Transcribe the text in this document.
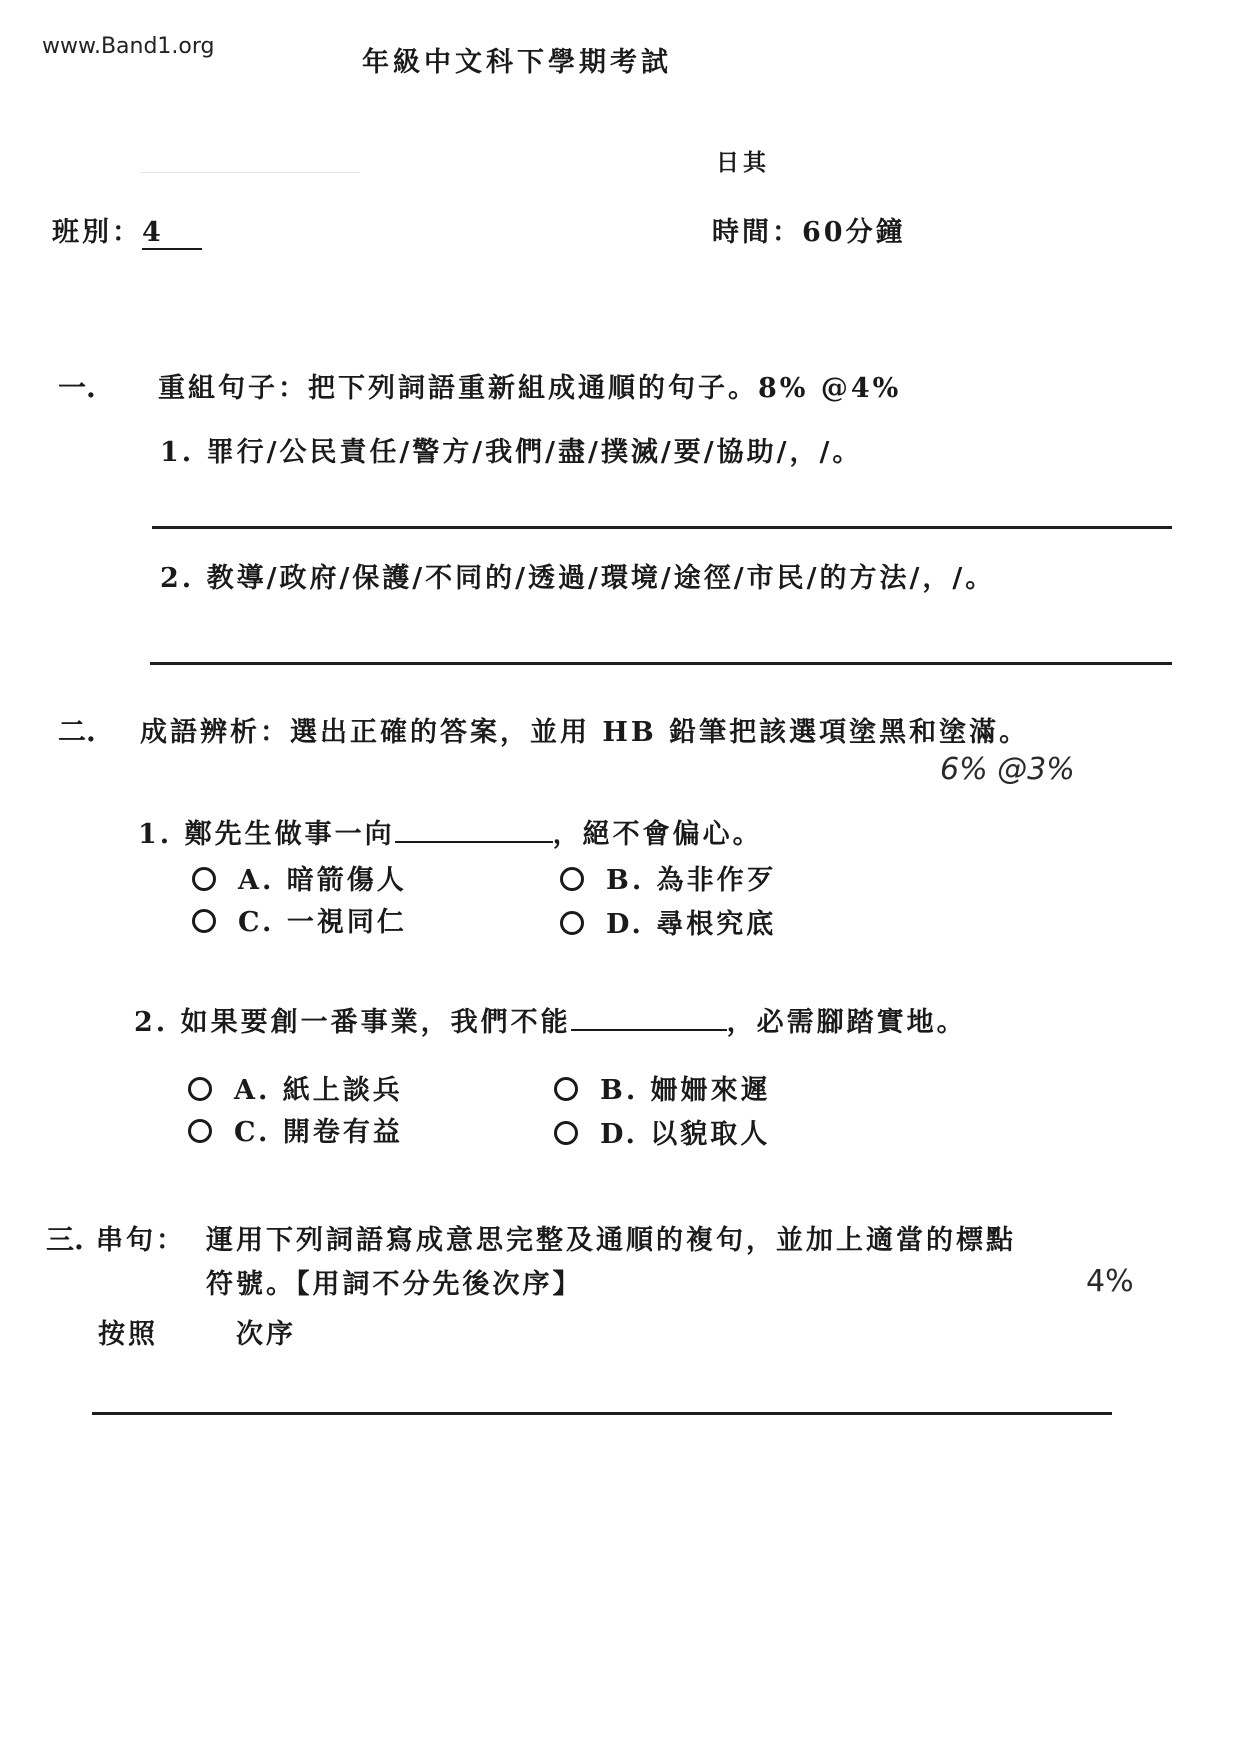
www.Band1.org
年級中文科下學期考試
日其
班別：4	時間：60分鐘
一. 重組句子：把下列詞語重新組成通順的句子。8% @4%
1. 罪行/公民責任/警方/我們/盡/撲滅/要/協助/，/。
2. 教導/政府/保護/不同的/透過/環境/途徑/市民/的方法/，/。
二. 成語辨析：選出正確的答案，並用 HB 鉛筆把該選項塗黑和塗滿。
6% @3%
1. 鄭先生做事一向	，絕不會偏心。
A. 暗箭傷人	B. 為非作歹
C. 一視同仁	D. 尋根究底
2. 如果要創一番事業，我們不能	，必需腳踏實地。
A. 紙上談兵	B. 姍姍來遲
C. 開卷有益	D. 以貌取人
三. 串句： 運用下列詞語寫成意思完整及通順的複句，並加上適當的標點
符號。【用詞不分先後次序】	4%
按照	次序
